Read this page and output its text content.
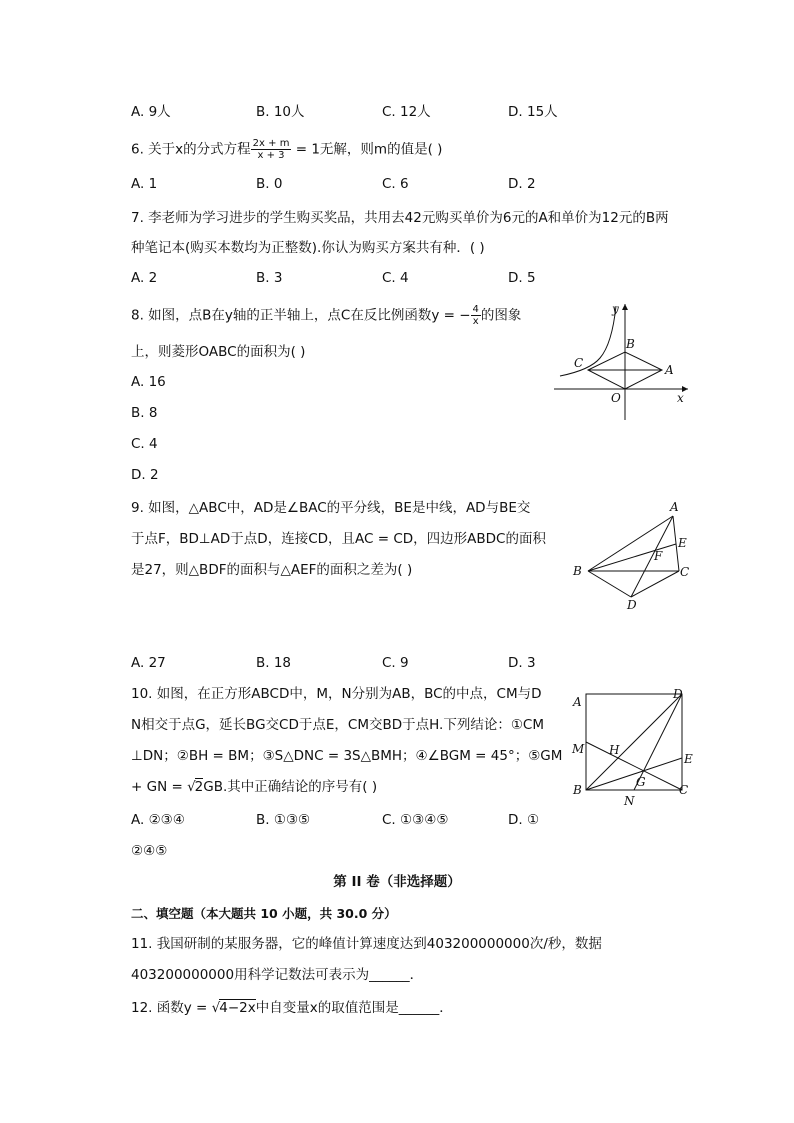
A. 9人	B. 10人	C. 12人	D. 15人
6. 关于x的分式方程 $\frac{2x + m}{x + 3} = 1$无解，则m的值是( )
A. 1	B. 0	C. 6	D. 2
7. 李老师为学习进步的学生购买奖品，共用去42元购买单价为6元的A和单价为12元的B两
种笔记本(购买本数均为正整数).你认为购买方案共有种．( )
A. 2	B. 3	C. 4	D. 5
8. 如图，点B在y轴的正半轴上，点C在反比例函数y = − $\frac{4}{x}$ 的图象
上，则菱形OABC的面积为( )
A. 16
B. 8
C. 4
D. 2
y
x
O
A
B
C
9. 如图，△ABC中，AD是∠BAC的平分线，BE是中线，AD与BE交
于点F，BD⊥AD于点D，连接CD，且AC = CD，四边形ABDC的面积
是27，则△BDF的面积与△AEF的面积之差为( )
A
B	C
D
E
F
A. 27	B. 18	C. 9	D. 3
10. 如图，在正方形ABCD中，M，N分别为AB，BC的中点，CM与D
N相交于点G，延长BG交CD于点E，CM交BD于点H.下列结论：①CM
⊥DN；②BH = BM；③S△DNC = 3S△BMH；④∠BGM = 45°；⑤GM
+ GN = √2GB.其中正确结论的序号有( )
A
D
B	C
M
E
N
H
G
A. ②③④	B. ①③⑤	C. ①③④⑤	D. ①
②④⑤
第 II 卷（非选择题）
二、填空题（本大题共 10 小题，共 30.0 分）
11. 我国研制的某服务器，它的峰值计算速度达到403200000000次/秒，数据
403200000000用科学记数法可表示为______．
12. 函数y = √4−2x中自变量x的取值范围是______．
